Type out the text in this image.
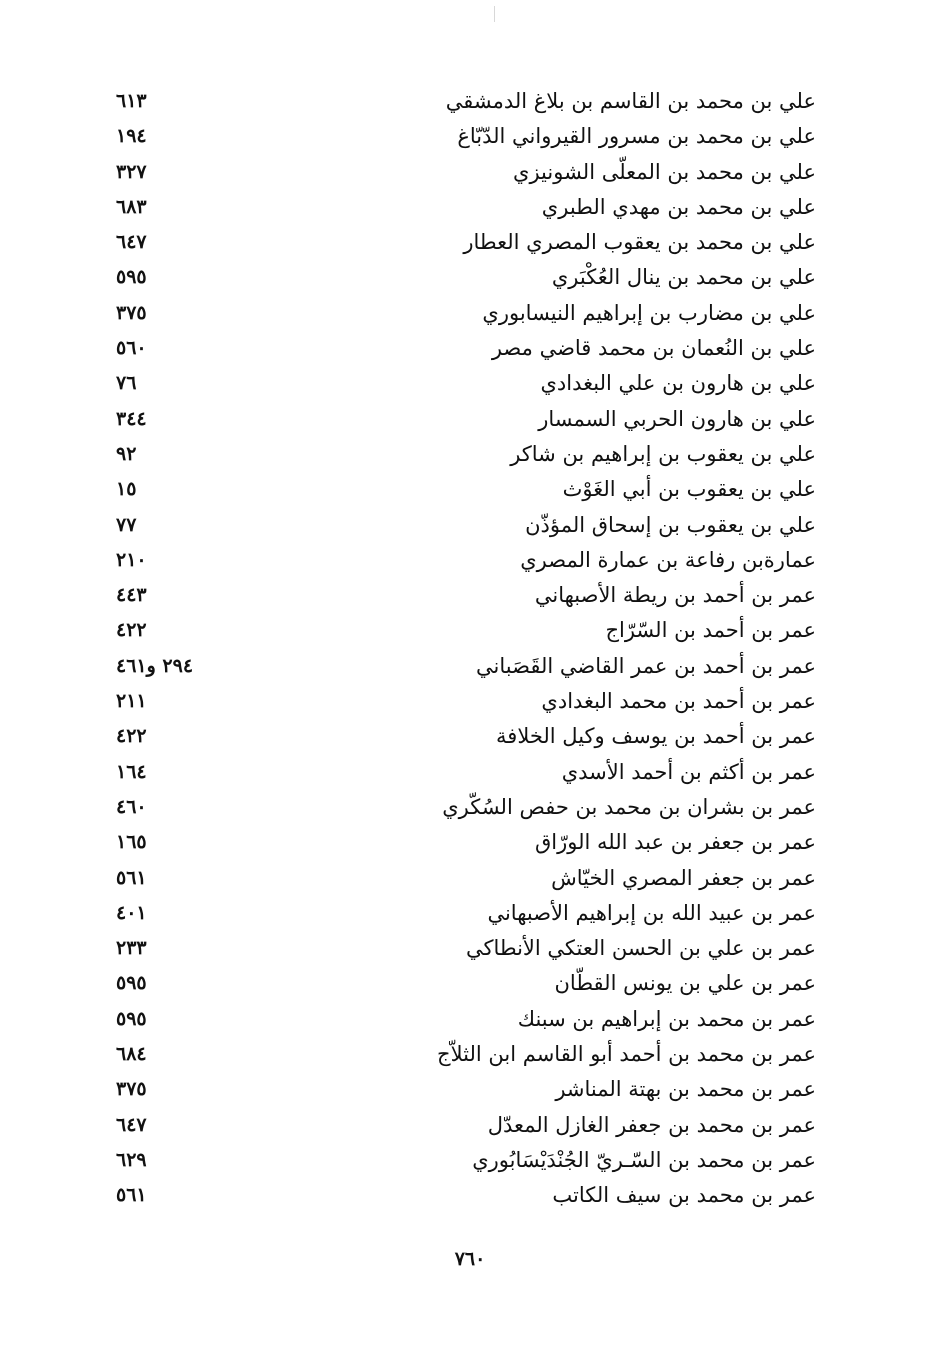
علي بن محمد بن القاسم بن بلاغ الدمشقي
٦١٣
علي بن محمد بن مسرور القيرواني الدّبّاغ
١٩٤
علي بن محمد بن المعلّى الشونيزي
٣٢٧
علي بن محمد بن مهدي الطبري
٦٨٣
علي بن محمد بن يعقوب المصري العطار
٦٤٧
علي بن محمد بن ينال العُكْبَري
٥٩٥
علي بن مضارب بن إبراهيم النيسابوري
٣٧٥
علي بن النُعمان بن محمد قاضي مصر
٥٦٠
علي بن هارون بن علي البغدادي
٧٦
علي بن هارون الحربي السمسار
٣٤٤
علي بن يعقوب بن إبراهيم بن شاكر
٩٢
علي بن يعقوب بن أبي الغَوْث
١٥
علي بن يعقوب بن إسحاق المؤذّن
٧٧
عمارةبن رفاعة بن عمارة المصري
٢١٠
عمر بن أحمد بن ريطة الأصبهاني
٤٤٣
عمر بن أحمد بن السّرّاج
٤٢٢
عمر بن أحمد بن عمر القاضي القَصَباني
٢٩٤ و٤٦١
عمر بن أحمد بن محمد البغدادي
٢١١
عمر بن أحمد بن يوسف وكيل الخلافة
٤٢٢
عمر بن أكثم بن أحمد الأسدي
١٦٤
عمر بن بشران بن محمد بن حفص السُكّري
٤٦٠
عمر بن جعفر بن عبد الله الورّاق
١٦٥
عمر بن جعفر المصري الخيّاش
٥٦١
عمر بن عبيد الله بن إبراهيم الأصبهاني
٤٠١
عمر بن علي بن الحسن العتكي الأنطاكي
٢٣٣
عمر بن علي بن يونس القطّان
٥٩٥
عمر بن محمد بن إبراهيم بن سبنك
٥٩٥
عمر بن محمد بن أحمد أبو القاسم ابن الثلاّج
٦٨٤
عمر بن محمد بن بهتة المناشر
٣٧٥
عمر بن محمد بن جعفر الغازل المعدّل
٦٤٧
عمر بن محمد بن السّـريّ الجُنْدَيْسَابُوري
٦٢٩
عمر بن محمد بن سيف الكاتب
٥٦١
٧٦٠
